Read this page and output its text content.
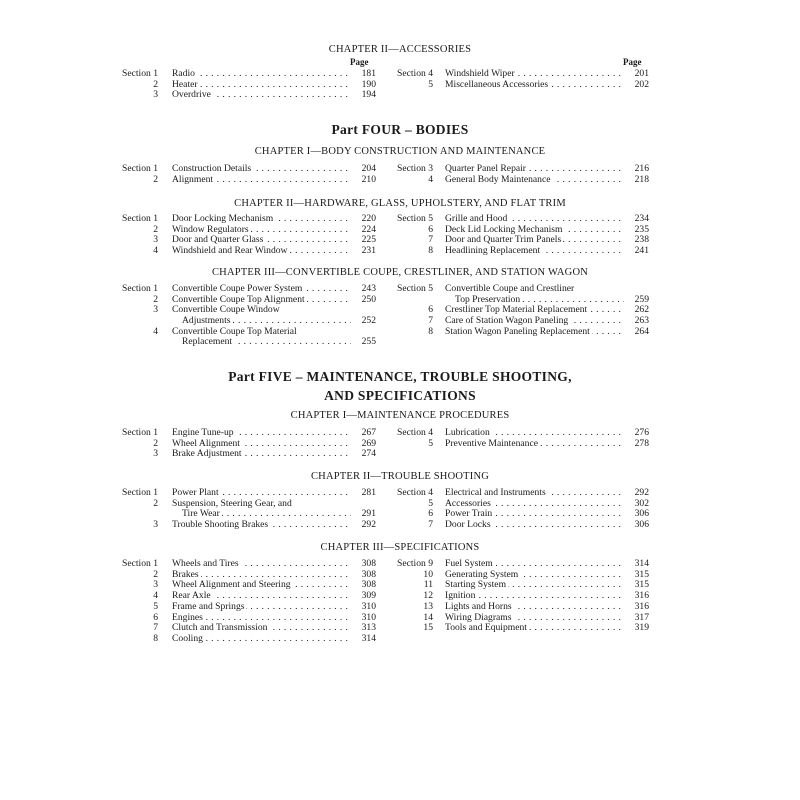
CHAPTER II—ACCESSORIES
Page	Page
Section 1 Radio . . .	181
2 Heater . . .	190
3 Overdrive . . .	194
Section 4 Windshield Wiper . . .	201
5 Miscellaneous Accessories . . .	202
Part FOUR – BODIES
CHAPTER I—BODY CONSTRUCTION AND MAINTENANCE
Section 1 Construction Details . . .	204
2 Alignment . . .	210
Section 3 Quarter Panel Repair . . .	216
4 General Body Maintenance . . .	218
CHAPTER II—HARDWARE, GLASS, UPHOLSTERY, AND FLAT TRIM
Section 1 Door Locking Mechanism . . .	220
2 Window Regulators . . .	224
3 Door and Quarter Glass . . .	225
4 Windshield and Rear Window . . .	231
Section 5 Grille and Hood . . .	234
6 Deck Lid Locking Mechanism . . .	235
7 Door and Quarter Trim Panels . . .	238
8 Headlining Replacement . . .	241
CHAPTER III—CONVERTIBLE COUPE, CRESTLINER, AND STATION WAGON
Section 1 Convertible Coupe Power System . . .	243
2 Convertible Coupe Top Alignment . . .	250
3 Convertible Coupe Window
Adjustments . . .	252
4 Convertible Coupe Top Material
Replacement . . .	255
Section 5 Convertible Coupe and Crestliner
Top Preservation . . .	259
6 Crestliner Top Material Replacement . . .	262
7 Care of Station Wagon Paneling . . .	263
8 Station Wagon Paneling Replacement . . .	264
Part FIVE – MAINTENANCE, TROUBLE SHOOTING,
AND SPECIFICATIONS
CHAPTER I—MAINTENANCE PROCEDURES
Section 1 Engine Tune-up . . .	267
2 Wheel Alignment . . .	269
3 Brake Adjustment . . .	274
Section 4 Lubrication . . .	276
5 Preventive Maintenance . . .	278
CHAPTER II—TROUBLE SHOOTING
Section 1 Power Plant . . .	281
2 Suspension, Steering Gear, and
Tire Wear . . .	291
3 Trouble Shooting Brakes . . .	292
Section 4 Electrical and Instruments . . .	292
5 Accessories . . .	302
6 Power Train . . .	306
7 Door Locks . . .	306
CHAPTER III—SPECIFICATIONS
Section 1 Wheels and Tires . . .	308
2 Brakes . . .	308
3 Wheel Alignment and Steering . . .	308
4 Rear Axle . . .	309
5 Frame and Springs . . .	310
6 Engines . . .	310
7 Clutch and Transmission . . .	313
8 Cooling . . .	314
Section 9 Fuel System . . .	314
10 Generating System . . .	315
11 Starting System . . .	315
12 Ignition . . .	316
13 Lights and Horns . . .	316
14 Wiring Diagrams . . .	317
15 Tools and Equipment . . .	319
